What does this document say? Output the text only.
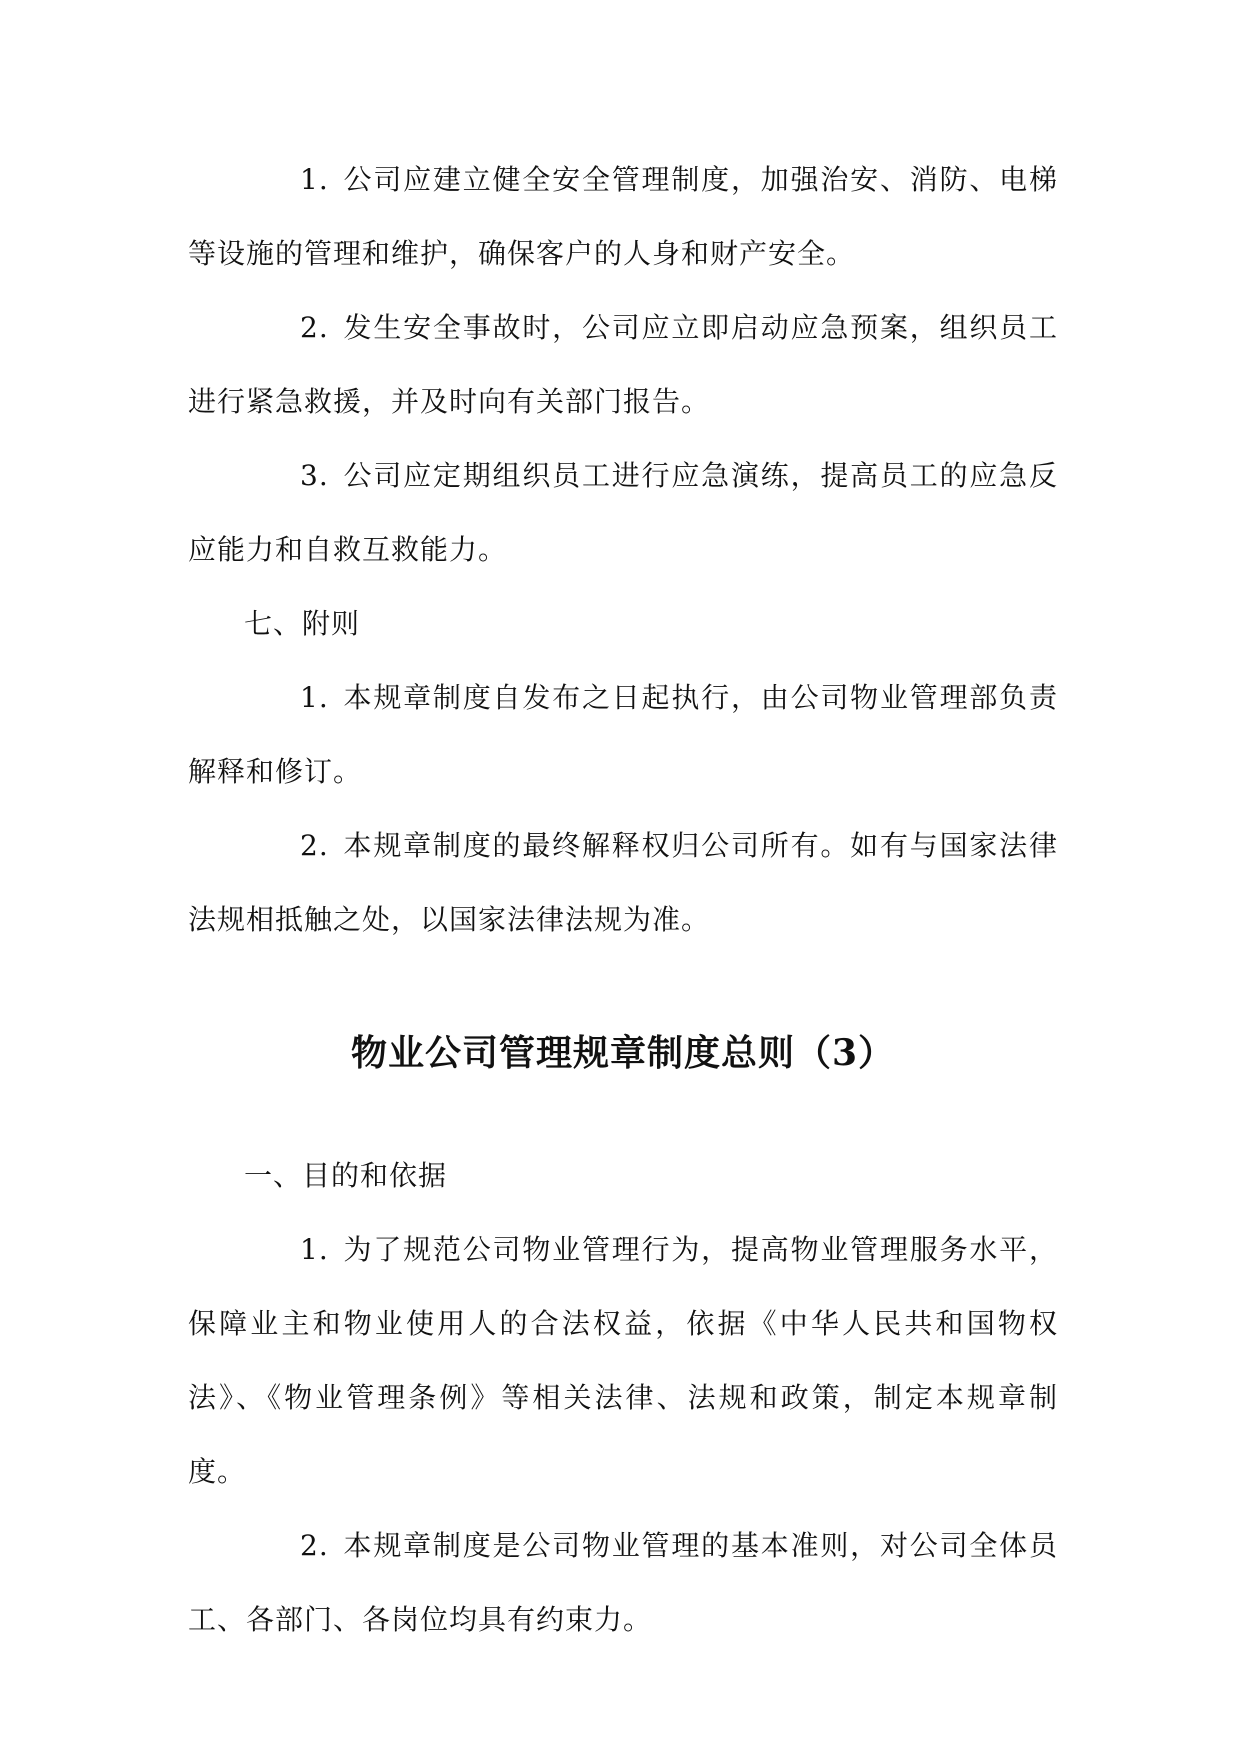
1. 公司应建立健全安全管理制度，加强治安、消防、电梯等设施的管理和维护，确保客户的人身和财产安全。

2. 发生安全事故时，公司应立即启动应急预案，组织员工进行紧急救援，并及时向有关部门报告。

3. 公司应定期组织员工进行应急演练，提高员工的应急反应能力和自救互救能力。

七、附则

1. 本规章制度自发布之日起执行，由公司物业管理部负责解释和修订。

2. 本规章制度的最终解释权归公司所有。如有与国家法律法规相抵触之处，以国家法律法规为准。

物业公司管理规章制度总则（3）

一、目的和依据

1. 为了规范公司物业管理行为，提高物业管理服务水平，保障业主和物业使用人的合法权益，依据《中华人民共和国物权法》、《物业管理条例》等相关法律、法规和政策，制定本规章制度。

2. 本规章制度是公司物业管理的基本准则，对公司全体员工、各部门、各岗位均具有约束力。
